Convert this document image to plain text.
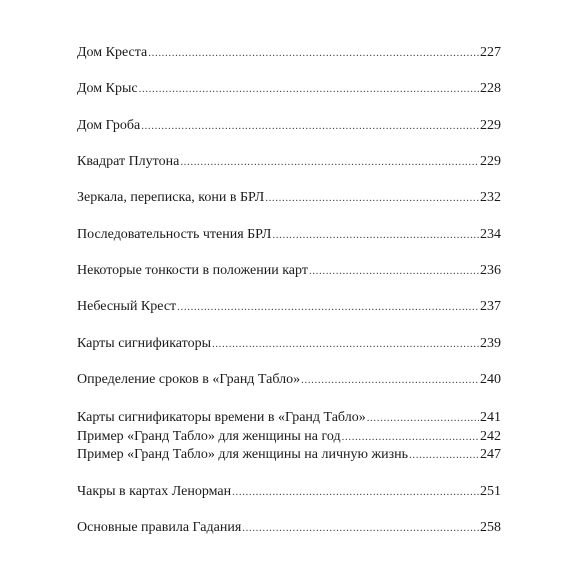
Дом Креста .....	227
Дом Крыс .....	228
Дом Гроба .....	229
Квадрат Плутона .....	229
Зеркала, переписка, кони в БРЛ .....	232
Последовательность чтения БРЛ .....	234
Некоторые тонкости в положении карт .....	236
Небесный Крест .....	237
Карты сигнификаторы .....	239
Определение сроков в «Гранд Табло» .....	240
Карты сигнификаторы времени в «Гранд Табло» .....	241
Пример «Гранд Табло» для женщины на год .....	242
Пример «Гранд Табло» для женщины на личную жизнь .....	247
Чакры в картах Ленорман .....	251
Основные правила Гадания .....	258
